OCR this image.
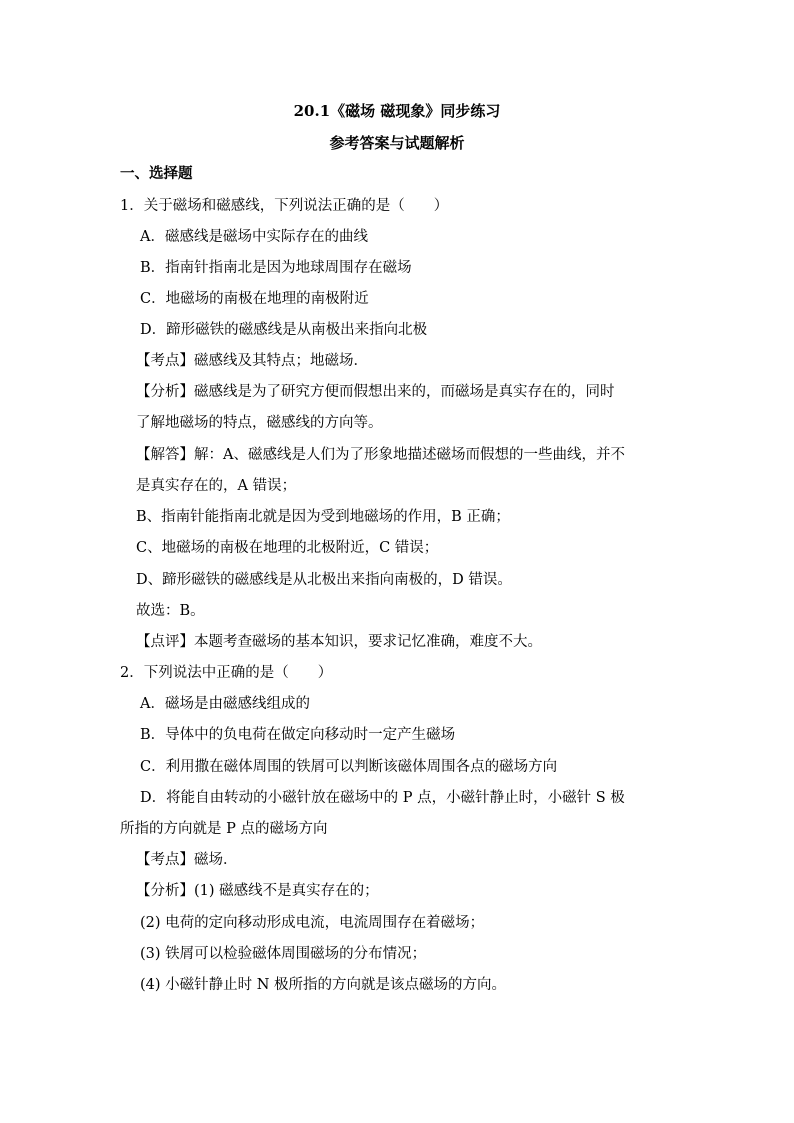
20.1《磁场 磁现象》同步练习
参考答案与试题解析
一、选择题
1．关于磁场和磁感线，下列说法正确的是（　　）
A．磁感线是磁场中实际存在的曲线
B．指南针指南北是因为地球周围存在磁场
C．地磁场的南极在地理的南极附近
D．蹄形磁铁的磁感线是从南极出来指向北极
【考点】磁感线及其特点；地磁场．
【分析】磁感线是为了研究方便而假想出来的，而磁场是真实存在的，同时
了解地磁场的特点，磁感线的方向等。
【解答】解：A、磁感线是人们为了形象地描述磁场而假想的一些曲线，并不
是真实存在的，A 错误；
B、指南针能指南北就是因为受到地磁场的作用，B 正确；
C、地磁场的南极在地理的北极附近，C 错误；
D、蹄形磁铁的磁感线是从北极出来指向南极的，D 错误。
故选：B。
【点评】本题考查磁场的基本知识，要求记忆准确，难度不大。
2．下列说法中正确的是（　　）
A．磁场是由磁感线组成的
B．导体中的负电荷在做定向移动时一定产生磁场
C．利用撒在磁体周围的铁屑可以判断该磁体周围各点的磁场方向
D．将能自由转动的小磁针放在磁场中的 P 点，小磁针静止时，小磁针 S 极
所指的方向就是 P 点的磁场方向
【考点】磁场．
【分析】(1) 磁感线不是真实存在的；
(2) 电荷的定向移动形成电流，电流周围存在着磁场；
(3) 铁屑可以检验磁体周围磁场的分布情况；
(4) 小磁针静止时 N 极所指的方向就是该点磁场的方向。
